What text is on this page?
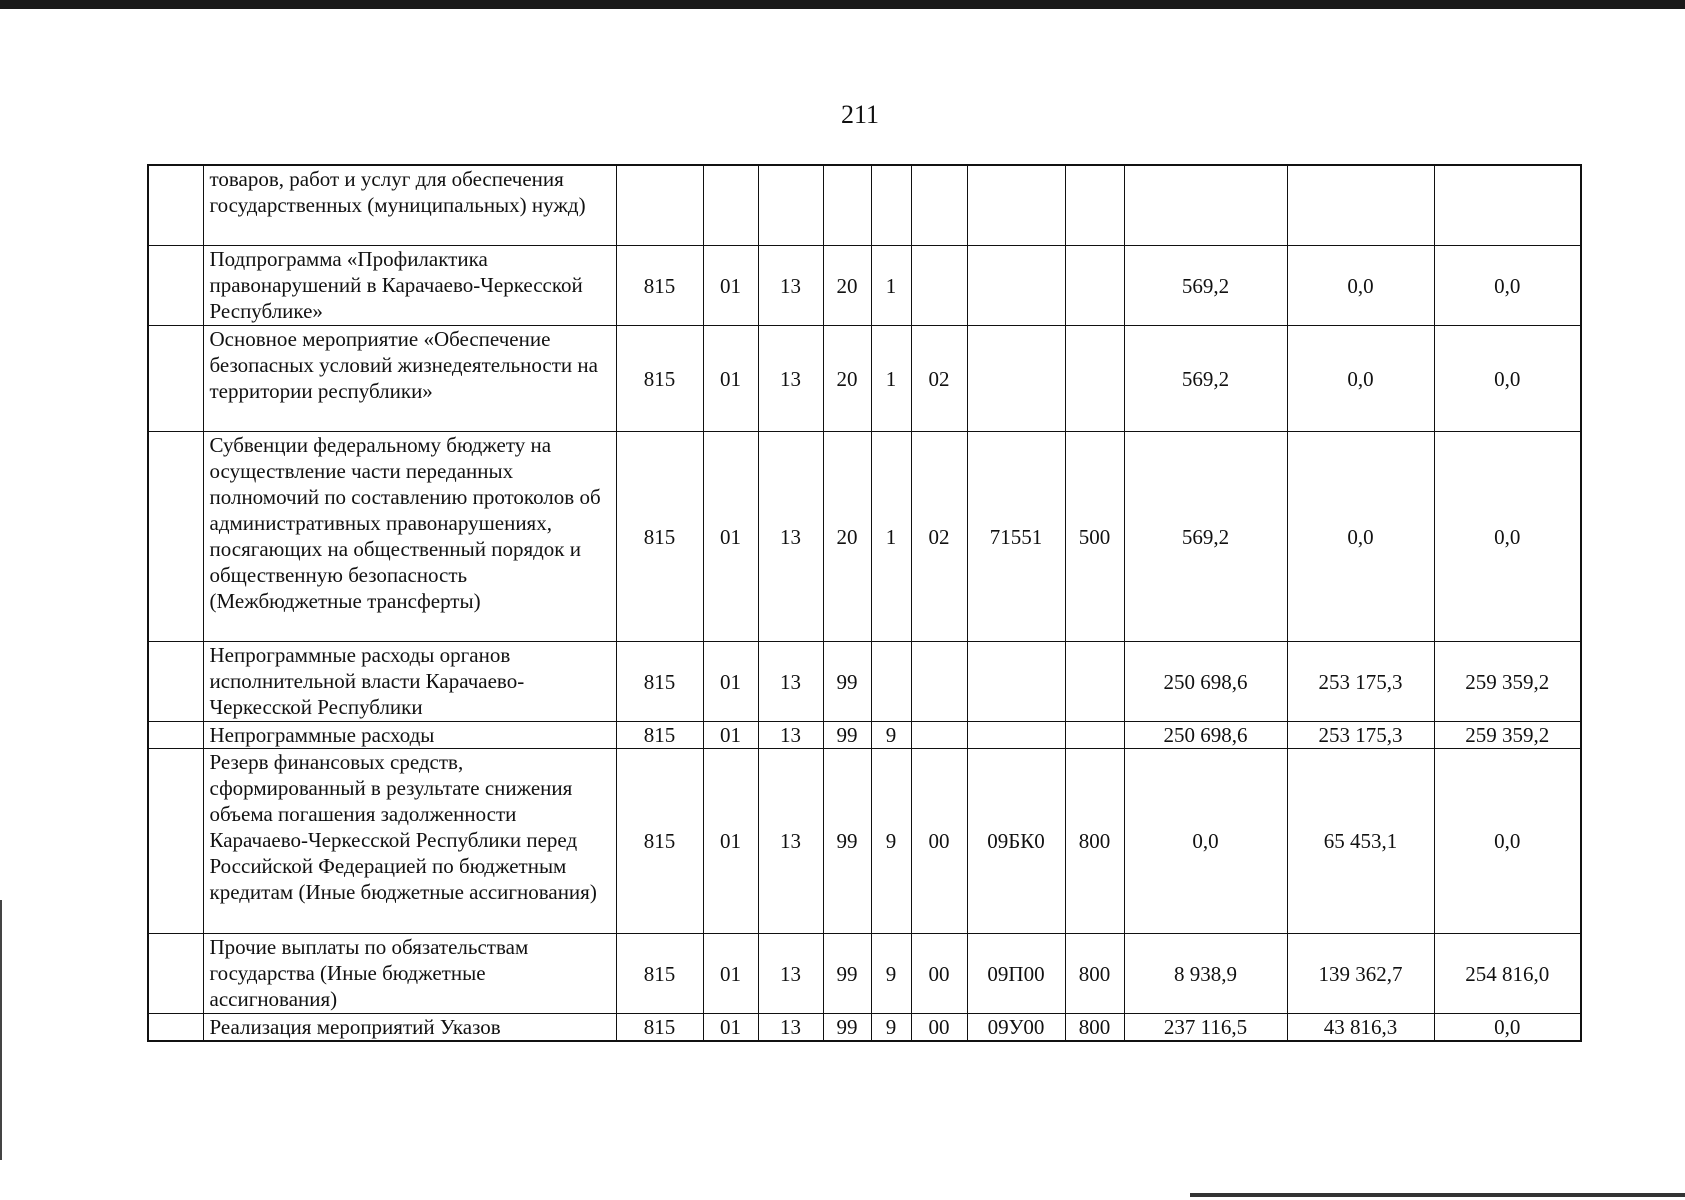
211
	товаров, работ и услуг для обеспечения государственных (муниципальных) нужд)											
	Подпрограмма «Профилактика правонарушений в Карачаево-Черкесской Республике»	815	01	13	20	1				569,2	0,0	0,0
	Основное мероприятие «Обеспечение безопасных условий жизнедеятельности на территории республики»	815	01	13	20	1	02			569,2	0,0	0,0
	Субвенции федеральному бюджету на осуществление части переданных полномочий по составлению протоколов об административных правонарушениях, посягающих на общественный порядок и общественную безопасность (Межбюджетные трансферты)	815	01	13	20	1	02	71551	500	569,2	0,0	0,0
	Непрограммные расходы органов исполнительной власти Карачаево-Черкесской Республики	815	01	13	99					250 698,6	253 175,3	259 359,2
	Непрограммные расходы	815	01	13	99	9				250 698,6	253 175,3	259 359,2
	Резерв финансовых средств, сформированный в результате снижения объема погашения задолженности Карачаево-Черкесской Республики перед Российской Федерацией по бюджетным кредитам (Иные бюджетные ассигнования)	815	01	13	99	9	00	09БК0	800	0,0	65 453,1	0,0
	Прочие выплаты по обязательствам государства (Иные бюджетные ассигнования)	815	01	13	99	9	00	09П00	800	8 938,9	139 362,7	254 816,0
	Реализация мероприятий Указов	815	01	13	99	9	00	09У00	800	237 116,5	43 816,3	0,0
